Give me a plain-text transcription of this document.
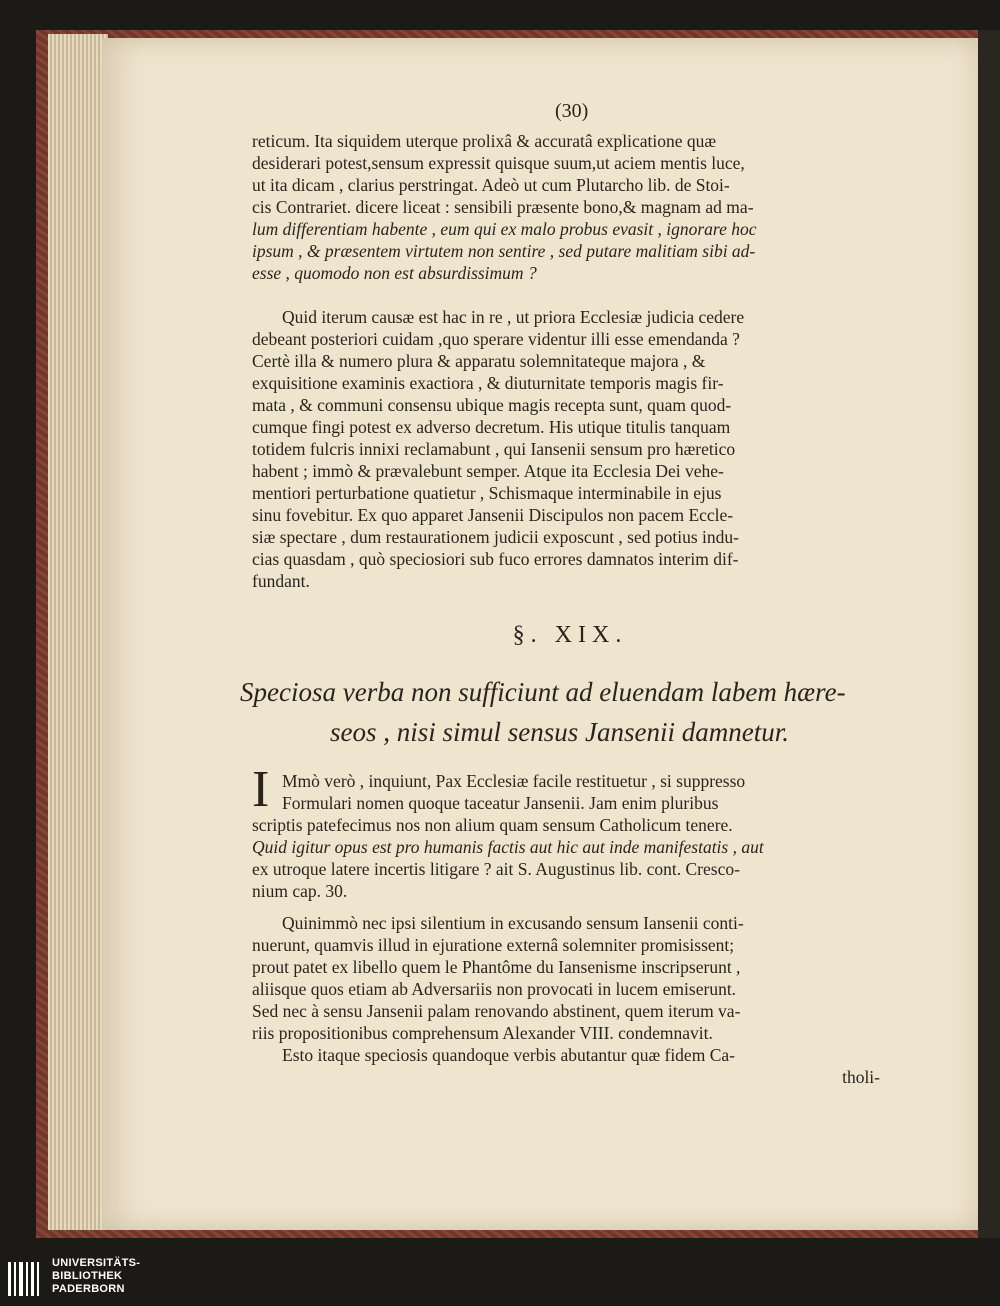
(30)
reticum. Ita siquidem uterque prolixâ & accuratâ explicatione quæ
desiderari potest,sensum expressit quisque suum,ut aciem mentis luce,
ut ita dicam , clarius perstringat. Adeò ut cum Plutarcho lib. de Stoi-
cis Contrariet. dicere liceat : sensibili præsente bono,& magnam ad ma-
lum differentiam habente , eum qui ex malo probus evasit , ignorare hoc
ipsum , & præsentem virtutem non sentire , sed putare malitiam sibi ad-
esse , quomodo non est absurdissimum ?
Quid iterum causæ est hac in re , ut priora Ecclesiæ judicia cedere
debeant posteriori cuidam ,quo sperare videntur illi esse emendanda ?
Certè illa & numero plura & apparatu solemnitateque majora , &
exquisitione examinis exactiora , & diuturnitate temporis magis fir-
mata , & communi consensu ubique magis recepta sunt, quam quod-
cumque fingi potest ex adverso decretum. His utique titulis tanquam
totidem fulcris innixi reclamabunt , qui Iansenii sensum pro hæretico
habent ; immò & prævalebunt semper. Atque ita Ecclesia Dei vehe-
mentiori perturbatione quatietur , Schismaque interminabile in ejus
sinu fovebitur. Ex quo apparet Jansenii Discipulos non pacem Eccle-
siæ spectare , dum restaurationem judicii exposcunt , sed potius indu-
cias quasdam , quò speciosiori sub fuco errores damnatos interim dif-
fundant.
§. XIX.
Speciosa verba non sufficiunt ad eluendam labem hære-
seos , nisi simul sensus Jansenii damnetur.
I Mmò verò , inquiunt, Pax Ecclesiæ facile restituetur , si suppresso
Formulari nomen quoque taceatur Jansenii. Jam enim pluribus
scriptis patefecimus nos non alium quam sensum Catholicum tenere.
Quid igitur opus est pro humanis factis aut hic aut inde manifestatis , aut
ex utroque latere incertis litigare ? ait S. Augustinus lib. cont. Cresco-
nium cap. 30.
Quinimmò nec ipsi silentium in excusando sensum Iansenii conti-
nuerunt, quamvis illud in ejuratione externâ solemniter promisissent;
prout patet ex libello quem le Phantôme du Iansenisme inscripserunt ,
aliisque quos etiam ab Adversariis non provocati in lucem emiserunt.
Sed nec à sensu Jansenii palam renovando abstinent, quem iterum va-
riis propositionibus comprehensum Alexander VIII. condemnavit.
Esto itaque speciosis quandoque verbis abutantur quæ fidem Ca-
tholi-
UNIVERSITÄTS-
BIBLIOTHEK
PADERBORN
